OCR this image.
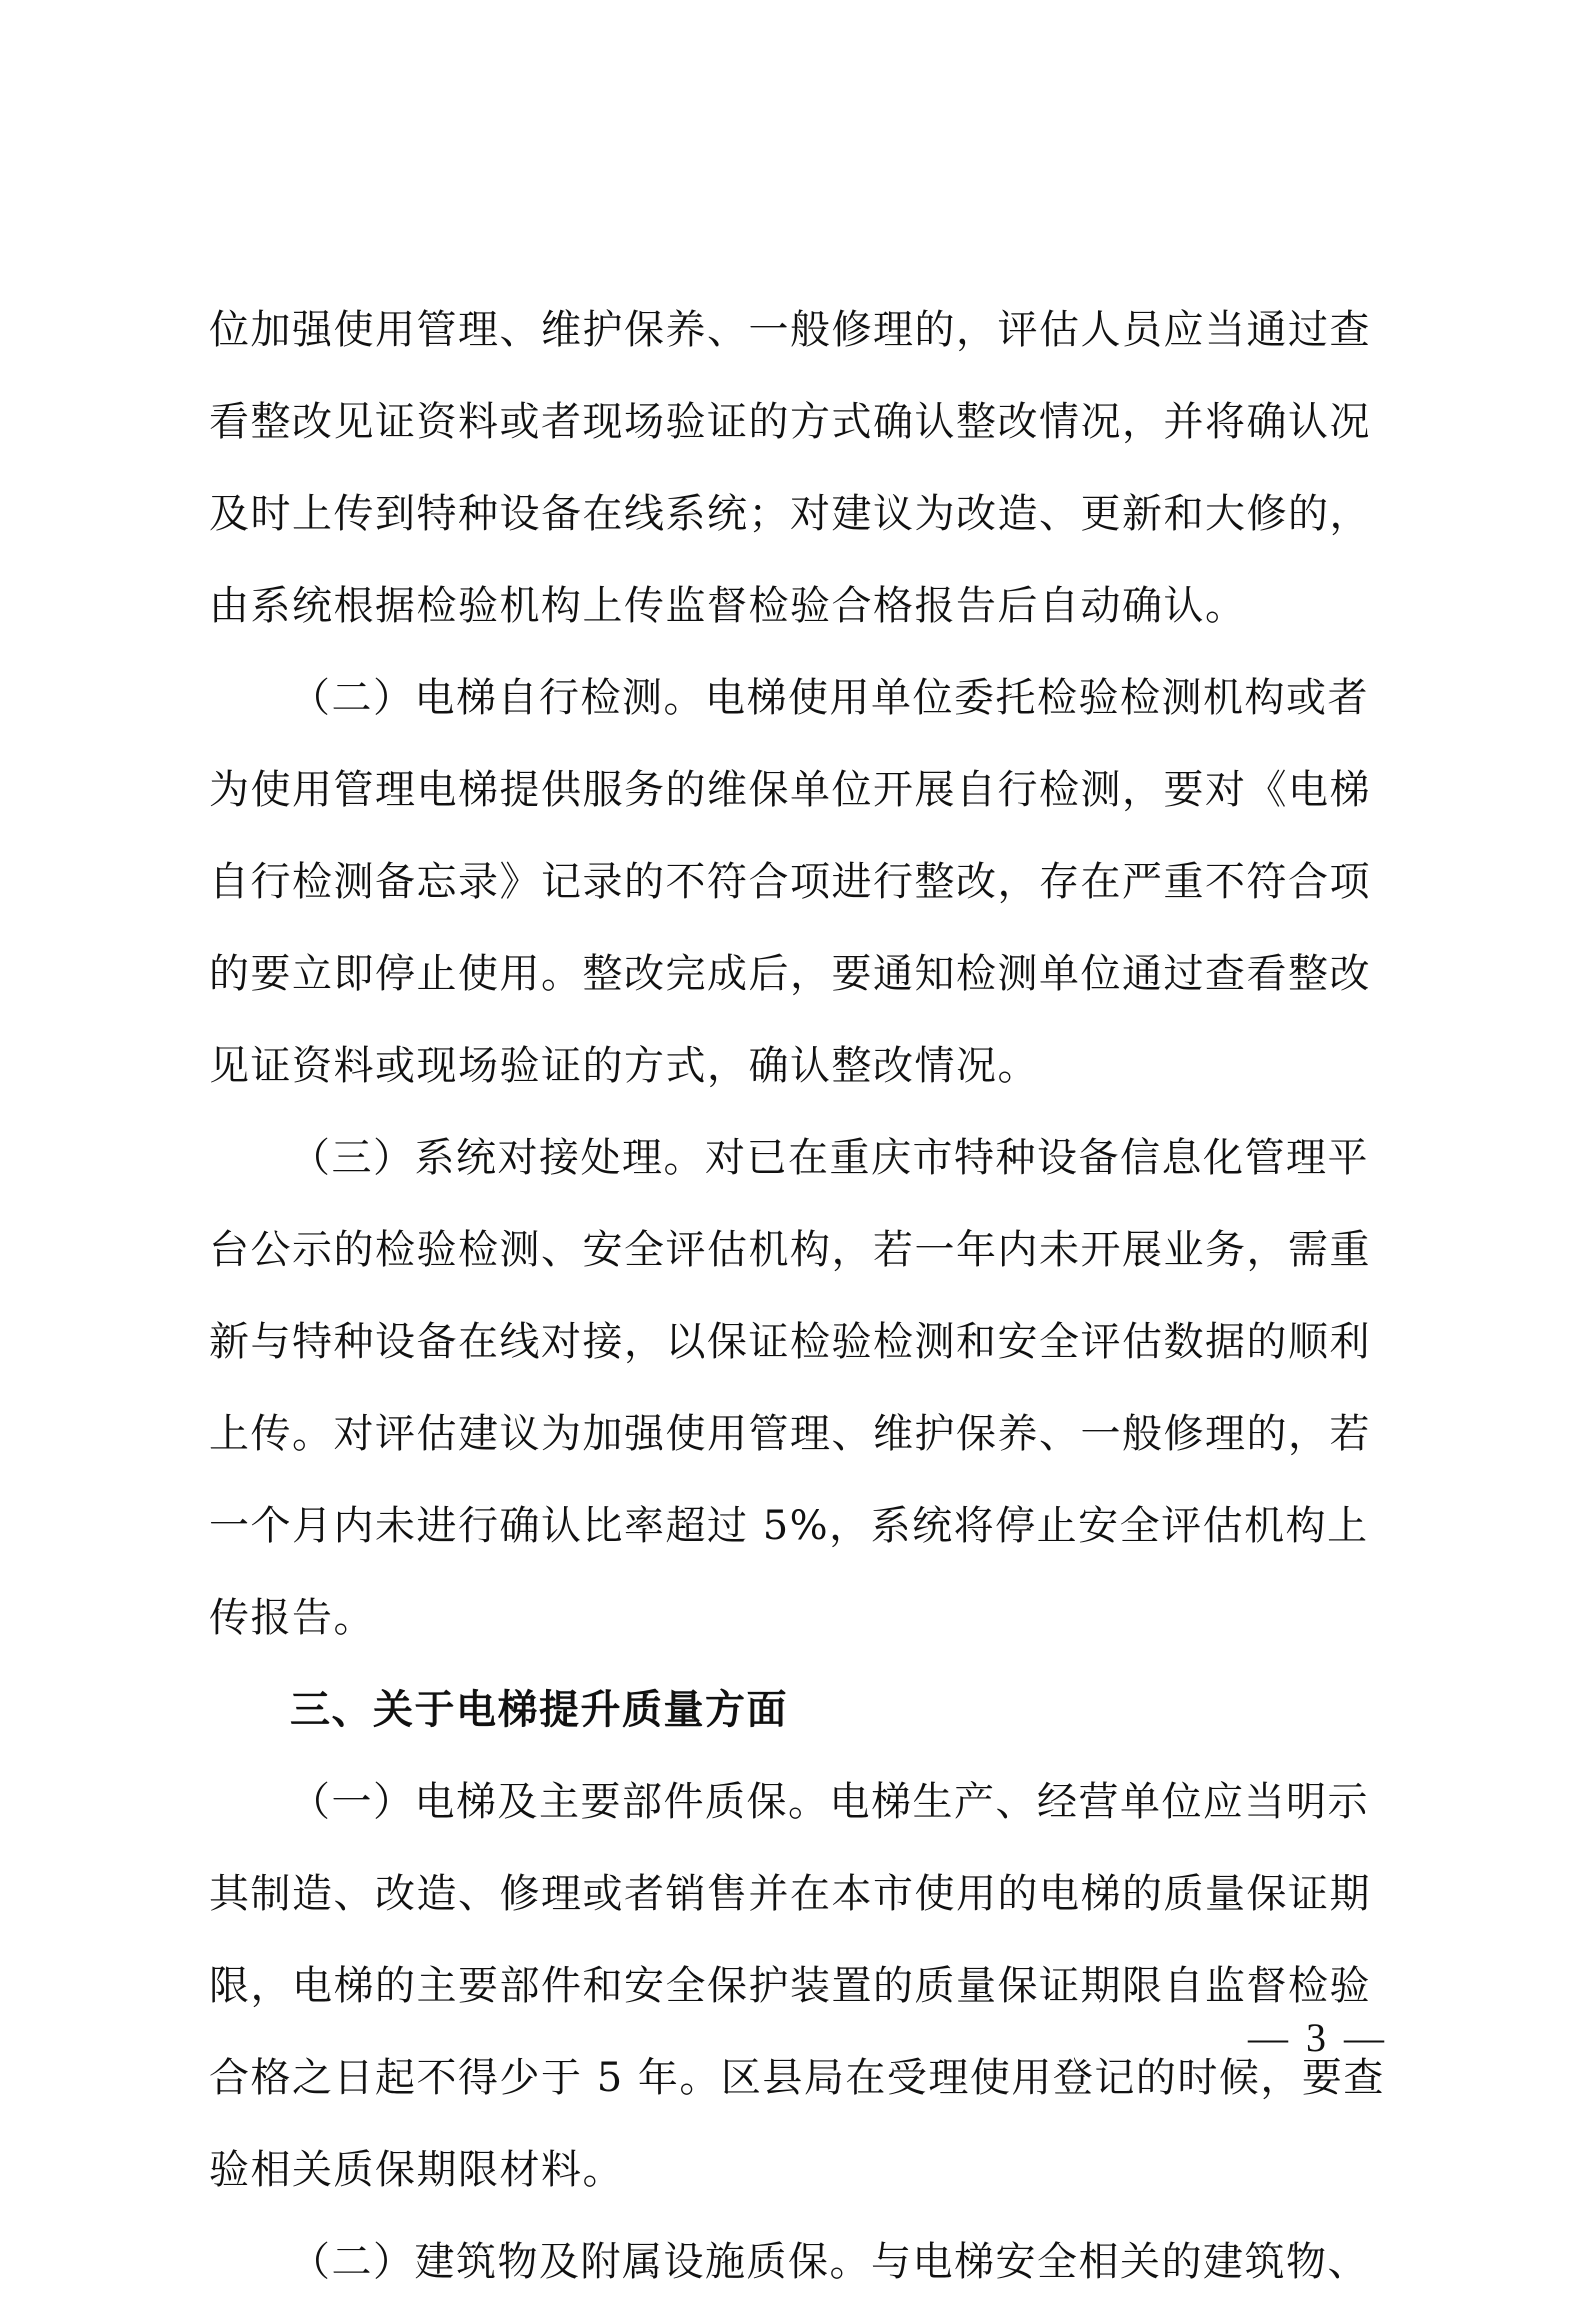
位加强使用管理、维护保养、一般修理的，评估人员应当通过查
看整改见证资料或者现场验证的方式确认整改情况，并将确认况
及时上传到特种设备在线系统；对建议为改造、更新和大修的，
由系统根据检验机构上传监督检验合格报告后自动确认。
（二）电梯自行检测。电梯使用单位委托检验检测机构或者
为使用管理电梯提供服务的维保单位开展自行检测，要对《电梯
自行检测备忘录》记录的不符合项进行整改，存在严重不符合项
的要立即停止使用。整改完成后，要通知检测单位通过查看整改
见证资料或现场验证的方式，确认整改情况。
（三）系统对接处理。对已在重庆市特种设备信息化管理平
台公示的检验检测、安全评估机构，若一年内未开展业务，需重
新与特种设备在线对接，以保证检验检测和安全评估数据的顺利
上传。对评估建议为加强使用管理、维护保养、一般修理的，若
一个月内未进行确认比率超过 5%，系统将停止安全评估机构上
传报告。
三、关于电梯提升质量方面
（一）电梯及主要部件质保。电梯生产、经营单位应当明示
其制造、改造、修理或者销售并在本市使用的电梯的质量保证期
限，电梯的主要部件和安全保护装置的质量保证期限自监督检验
合格之日起不得少于 5 年。区县局在受理使用登记的时候，要查
验相关质保期限材料。
（二）建筑物及附属设施质保。与电梯安全相关的建筑物、
— 3 —
